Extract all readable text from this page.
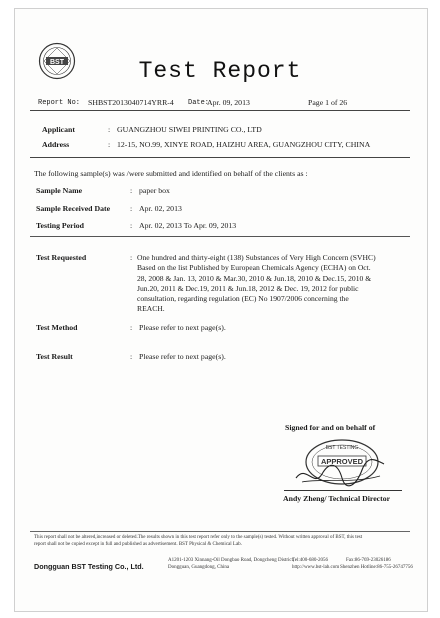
BST	Test Report
Report No: SHBST2013040714YRR-4 Date:
Apr. 09, 2013	Page 1 of 26
Applicant	: GUANGZHOU SIWEI PRINTING CO., LTD
Address	: 12-15, NO.99, XINYE ROAD, HAIZHU AREA, GUANGZHOU CITY, CHINA
The following sample(s) was /were submitted and identified on behalf of the clients as :
Sample Name	: paper box
Sample Received Date	: Apr. 02, 2013
Testing Period	: Apr. 02, 2013 To Apr. 09, 2013
Test Requested	: One hundred and thirty-eight (138) Substances of Very High Concern (SVHC)
Based on the list Published by European Chemicals Agency (ECHA) on Oct.
28, 2008 & Jan. 13, 2010 & Mar.30, 2010 & Jun.18, 2010 & Dec.15, 2010 &
Jun.20, 2011 & Dec.19, 2011 & Jun.18, 2012 & Dec. 19, 2012 for public
consultation, regarding regulation (EC) No 1907/2006 concerning the
REACH.
Test Method	: Please refer to next page(s).
Test Result	: Please refer to next page(s).
Signed for and on behalf of
BST TESTING
APPROVED
Andy Zheng/ Technical Director
This report shall not be altered,increased or deleted.The results shown in this test report refer only to the sample(s) tested. Without written approval of BST, this test
report shall not be copied except in full and published as advertisement. BST Physical & Chemical Lab.
Dongguan BST Testing Co., Ltd.
A1201-1203 Xinnang-Oil Dongbao Road, Dongcheng District,
Dongguan, Guangdong, China
Tel:400-680-2056
http://www.bst-lab.com
Fax:86-769-23026186
Shenzhen Hotline:86-755-26747756
